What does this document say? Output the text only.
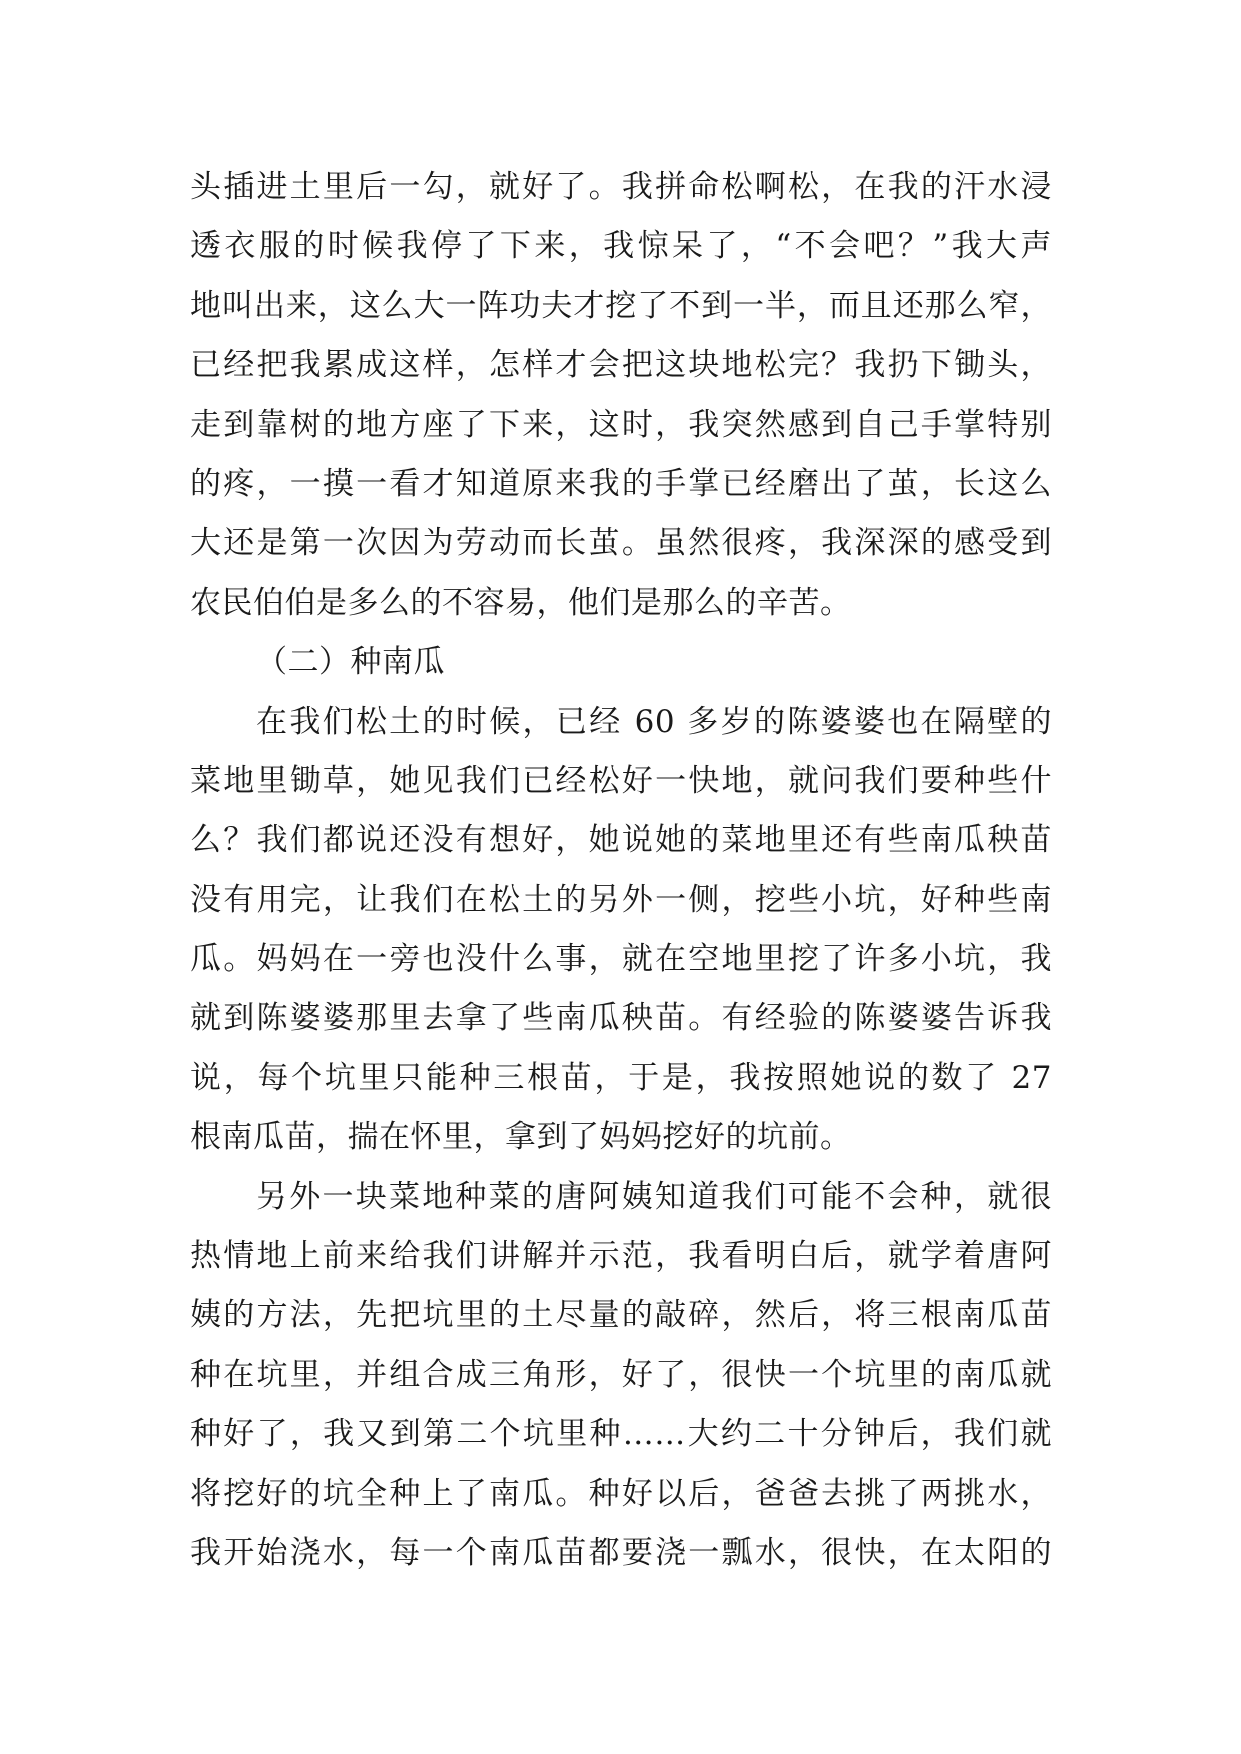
头插进土里后一勾，就好了。我拼命松啊松，在我的汗水浸
透衣服的时候我停了下来，我惊呆了，“不会吧？”我大声
地叫出来，这么大一阵功夫才挖了不到一半，而且还那么窄，
已经把我累成这样，怎样才会把这块地松完？我扔下锄头，
走到靠树的地方座了下来，这时，我突然感到自己手掌特别
的疼，一摸一看才知道原来我的手掌已经磨出了茧，长这么
大还是第一次因为劳动而长茧。虽然很疼，我深深的感受到
农民伯伯是多么的不容易，他们是那么的辛苦。
（二）种南瓜
在我们松土的时候，已经 60 多岁的陈婆婆也在隔壁的
菜地里锄草，她见我们已经松好一快地，就问我们要种些什
么？我们都说还没有想好，她说她的菜地里还有些南瓜秧苗
没有用完，让我们在松土的另外一侧，挖些小坑，好种些南
瓜。妈妈在一旁也没什么事，就在空地里挖了许多小坑，我
就到陈婆婆那里去拿了些南瓜秧苗。有经验的陈婆婆告诉我
说，每个坑里只能种三根苗，于是，我按照她说的数了 27
根南瓜苗，揣在怀里，拿到了妈妈挖好的坑前。
另外一块菜地种菜的唐阿姨知道我们可能不会种，就很
热情地上前来给我们讲解并示范，我看明白后，就学着唐阿
姨的方法，先把坑里的土尽量的敲碎，然后，将三根南瓜苗
种在坑里，并组合成三角形，好了，很快一个坑里的南瓜就
种好了，我又到第二个坑里种……大约二十分钟后，我们就
将挖好的坑全种上了南瓜。种好以后，爸爸去挑了两挑水，
我开始浇水，每一个南瓜苗都要浇一瓢水，很快，在太阳的
